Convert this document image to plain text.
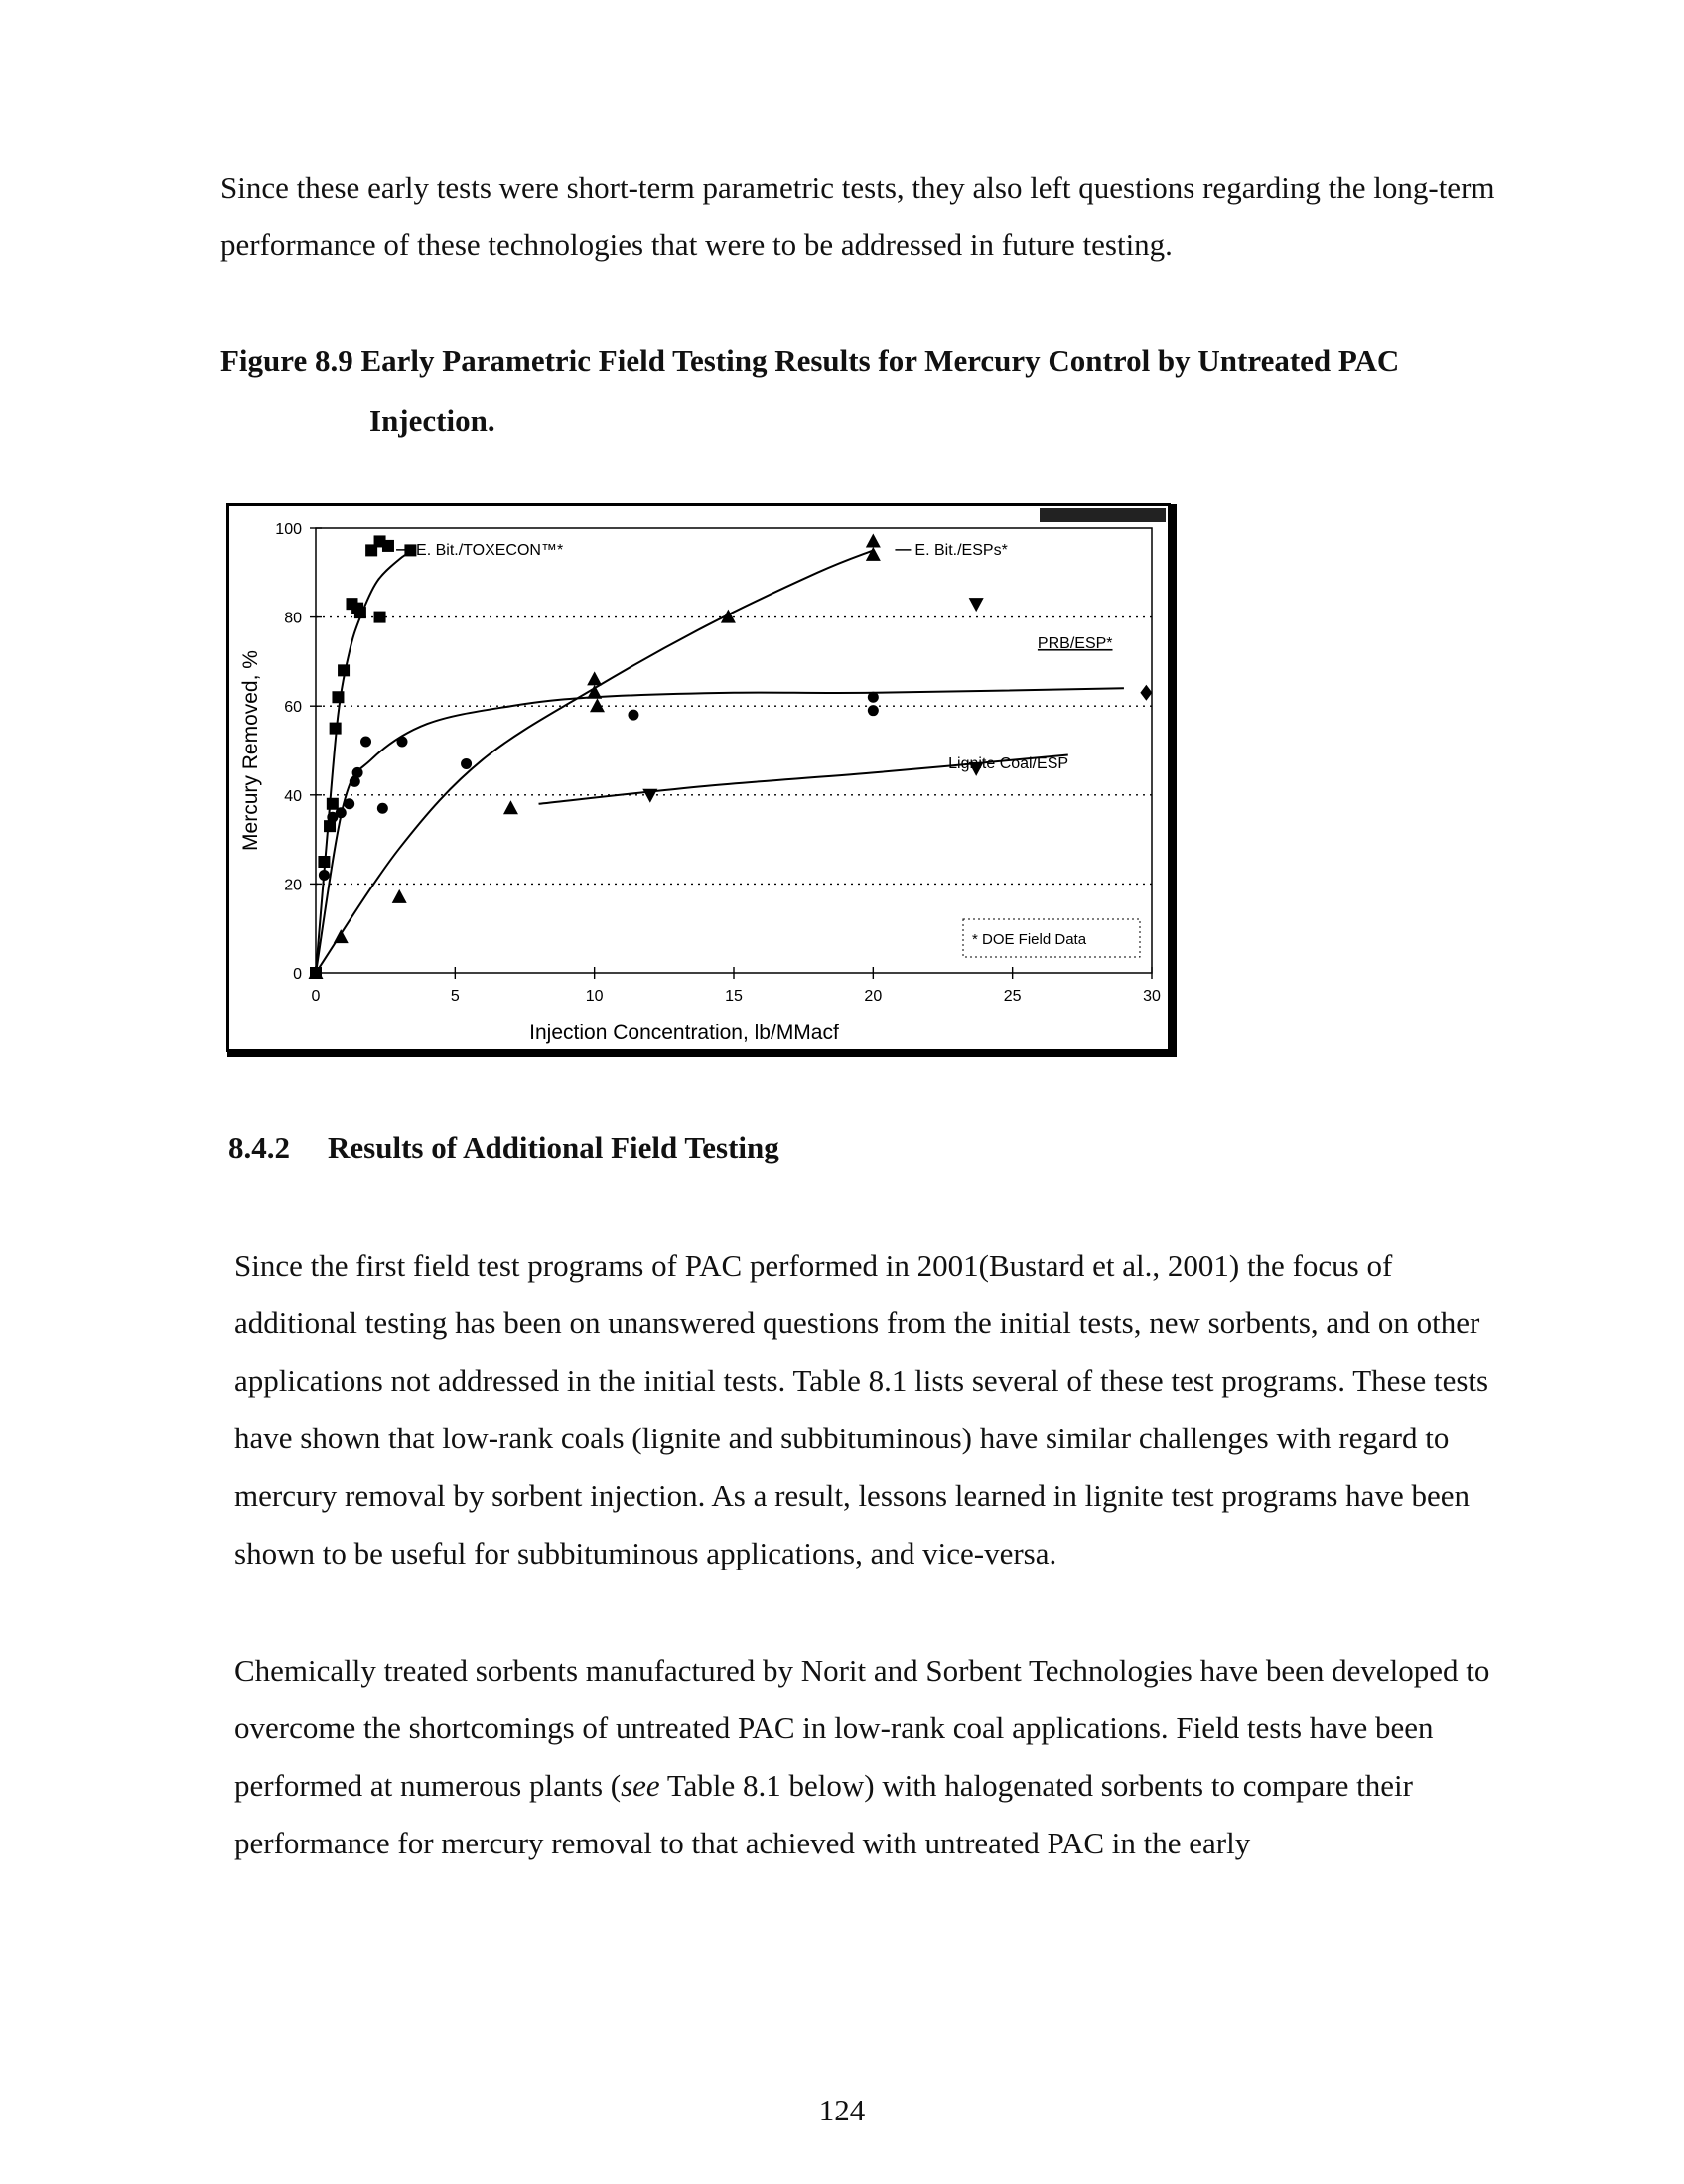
Since these early tests were short-term parametric tests, they also left questions regarding the long-term performance of these technologies that were to be addressed in future testing.

Figure 8.9 Early Parametric Field Testing Results for Mercury Control by Untreated PAC
Injection.

0
20
40
60
80
100
0	5	10	15	20	25	30
E. Bit./TOXECON™*	E. Bit./ESPs*
PRB/ESP*
Lignite Coal/ESP
* DOE Field Data
Injection Concentration, lb/MMacf
Mercury Removed, %

8.4.2 Results of Additional Field Testing

Since the first field test programs of PAC performed in 2001(Bustard et al., 2001) the focus of additional testing has been on unanswered questions from the initial tests, new sorbents, and on other applications not addressed in the initial tests. Table 8.1 lists several of these test programs. These tests have shown that low-rank coals (lignite and subbituminous) have similar challenges with regard to mercury removal by sorbent injection. As a result, lessons learned in lignite test programs have been shown to be useful for subbituminous applications, and vice-versa.

Chemically treated sorbents manufactured by Norit and Sorbent Technologies have been developed to overcome the shortcomings of untreated PAC in low-rank coal applications. Field tests have been performed at numerous plants (see Table 8.1 below) with halogenated sorbents to compare their performance for mercury removal to that achieved with untreated PAC in the early

124
